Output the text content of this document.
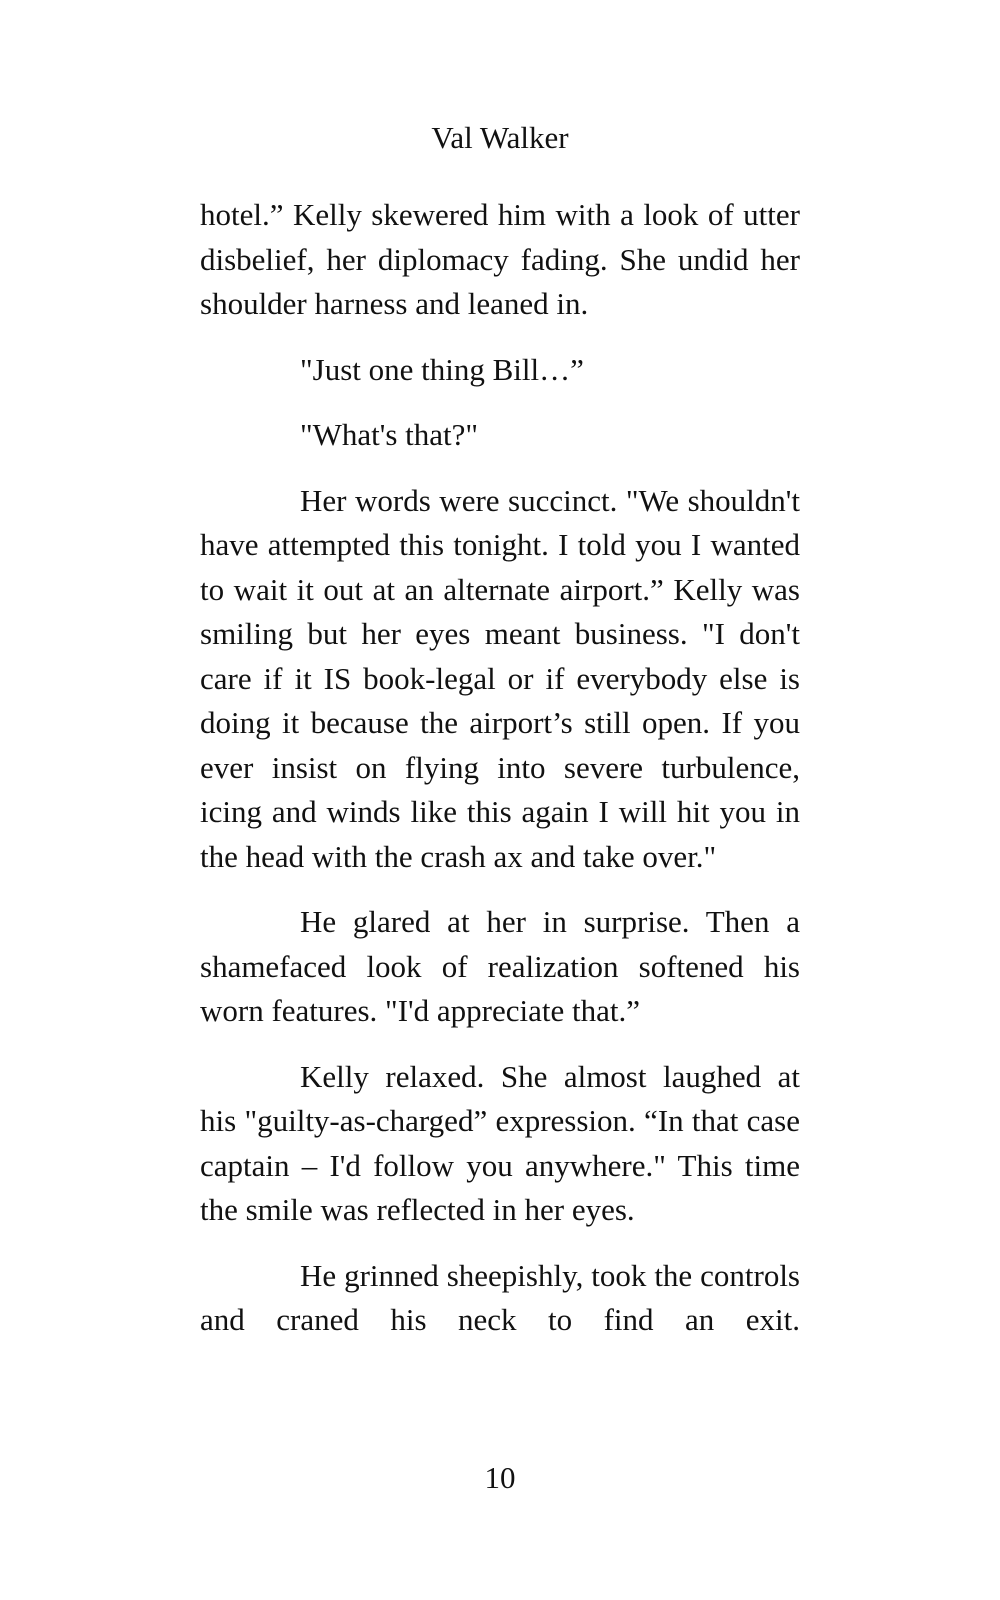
Val Walker

hotel.” Kelly skewered him with a look of utter disbelief, her diplomacy fading. She undid her shoulder harness and leaned in.

"Just one thing Bill…”

"What's that?"

Her words were succinct. "We shouldn't have attempted this tonight. I told you I wanted to wait it out at an alternate airport.” Kelly was smiling but her eyes meant business. "I don't care if it IS book-legal or if everybody else is doing it because the airport’s still open. If you ever insist on flying into severe turbulence, icing and winds like this again I will hit you in the head with the crash ax and take over."

He glared at her in surprise. Then a shamefaced look of realization softened his worn features. "I'd appreciate that.”

Kelly relaxed. She almost laughed at his "guilty-as-charged” expression. “In that case captain – I'd follow you anywhere." This time the smile was reflected in her eyes.

He grinned sheepishly, took the controls and craned his neck to find an exit.

10
